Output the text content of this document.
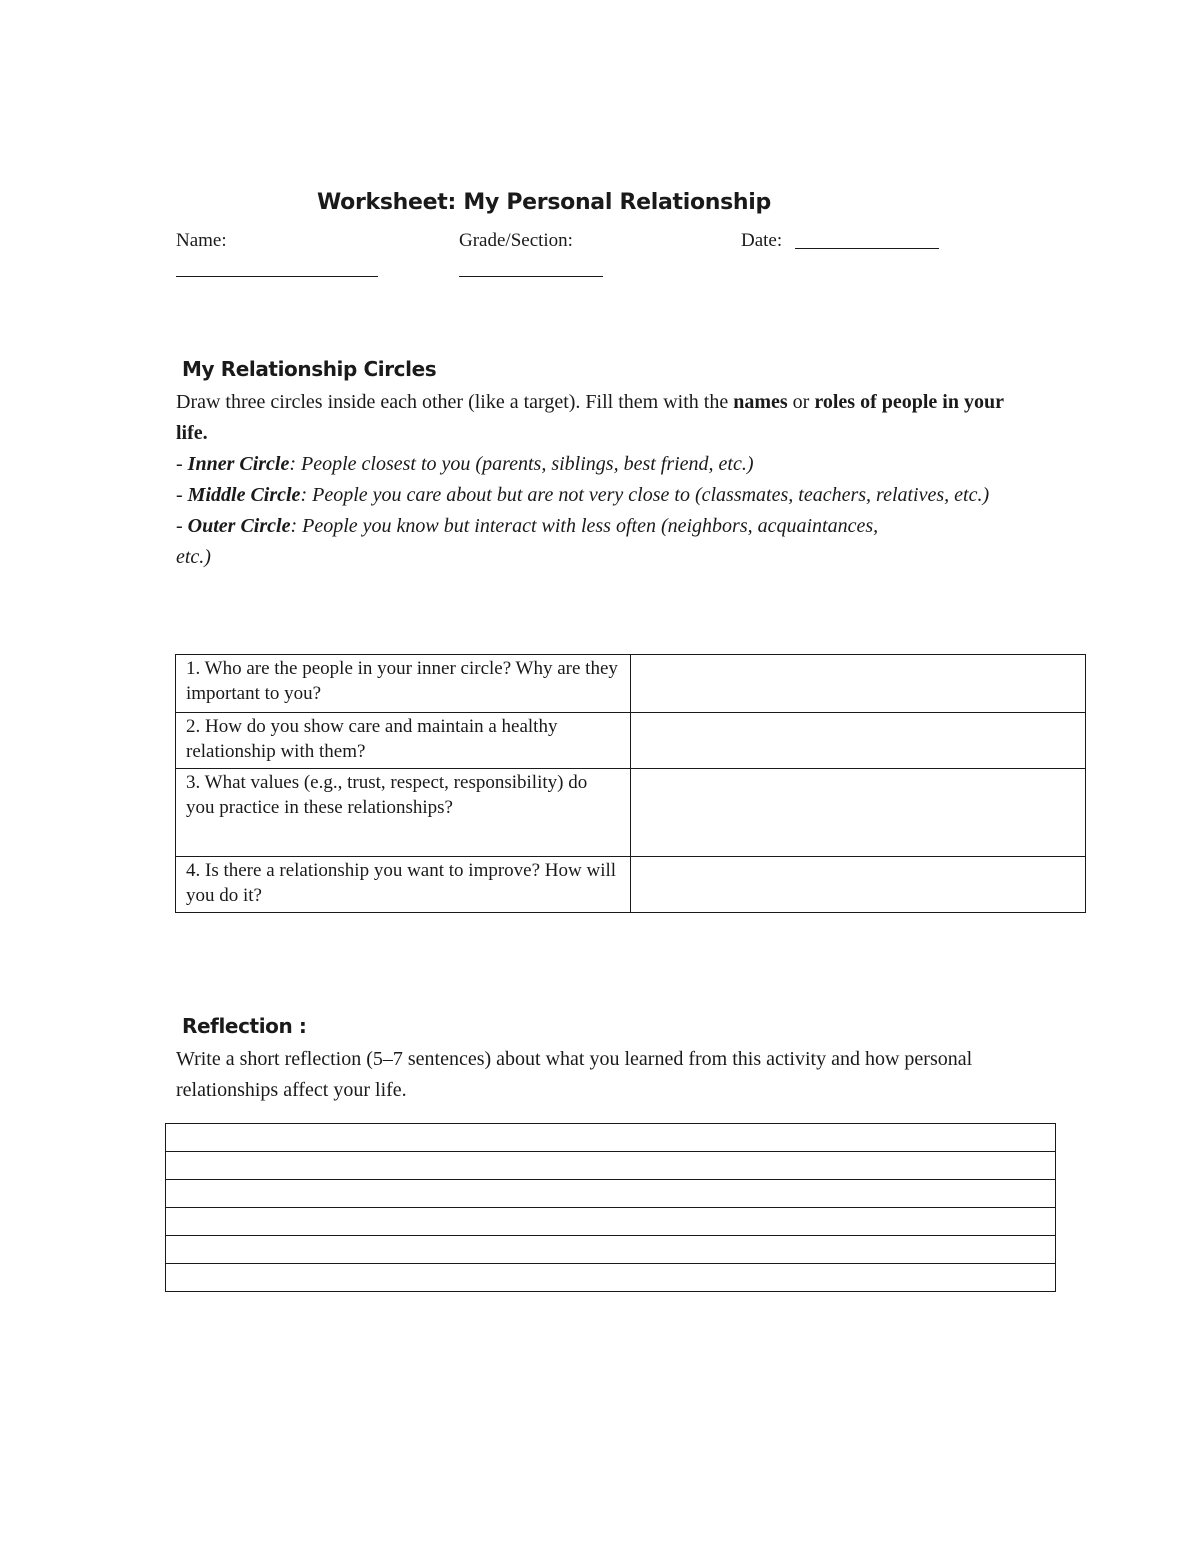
Worksheet: My Personal Relationship
Name:	Grade/Section:	Date:
My Relationship Circles

Draw three circles inside each other (like a target). Fill them with the names or roles of people in your life.

- Inner Circle: People closest to you (parents, siblings, best friend, etc.)

- Middle Circle: People you care about but are not very close to (classmates, teachers, relatives, etc.)

- Outer Circle: People you know but interact with less often (neighbors, acquaintances, etc.)

1. Who are the people in your inner circle? Why are they important to you?	
2. How do you show care and maintain a healthy relationship with them?	
3. What values (e.g., trust, respect, responsibility) do you practice in these relationships?	
4. Is there a relationship you want to improve? How will you do it?	
Reflection :
Write a short reflection (5–7 sentences) about what you learned from this activity and how personal relationships affect your life.
